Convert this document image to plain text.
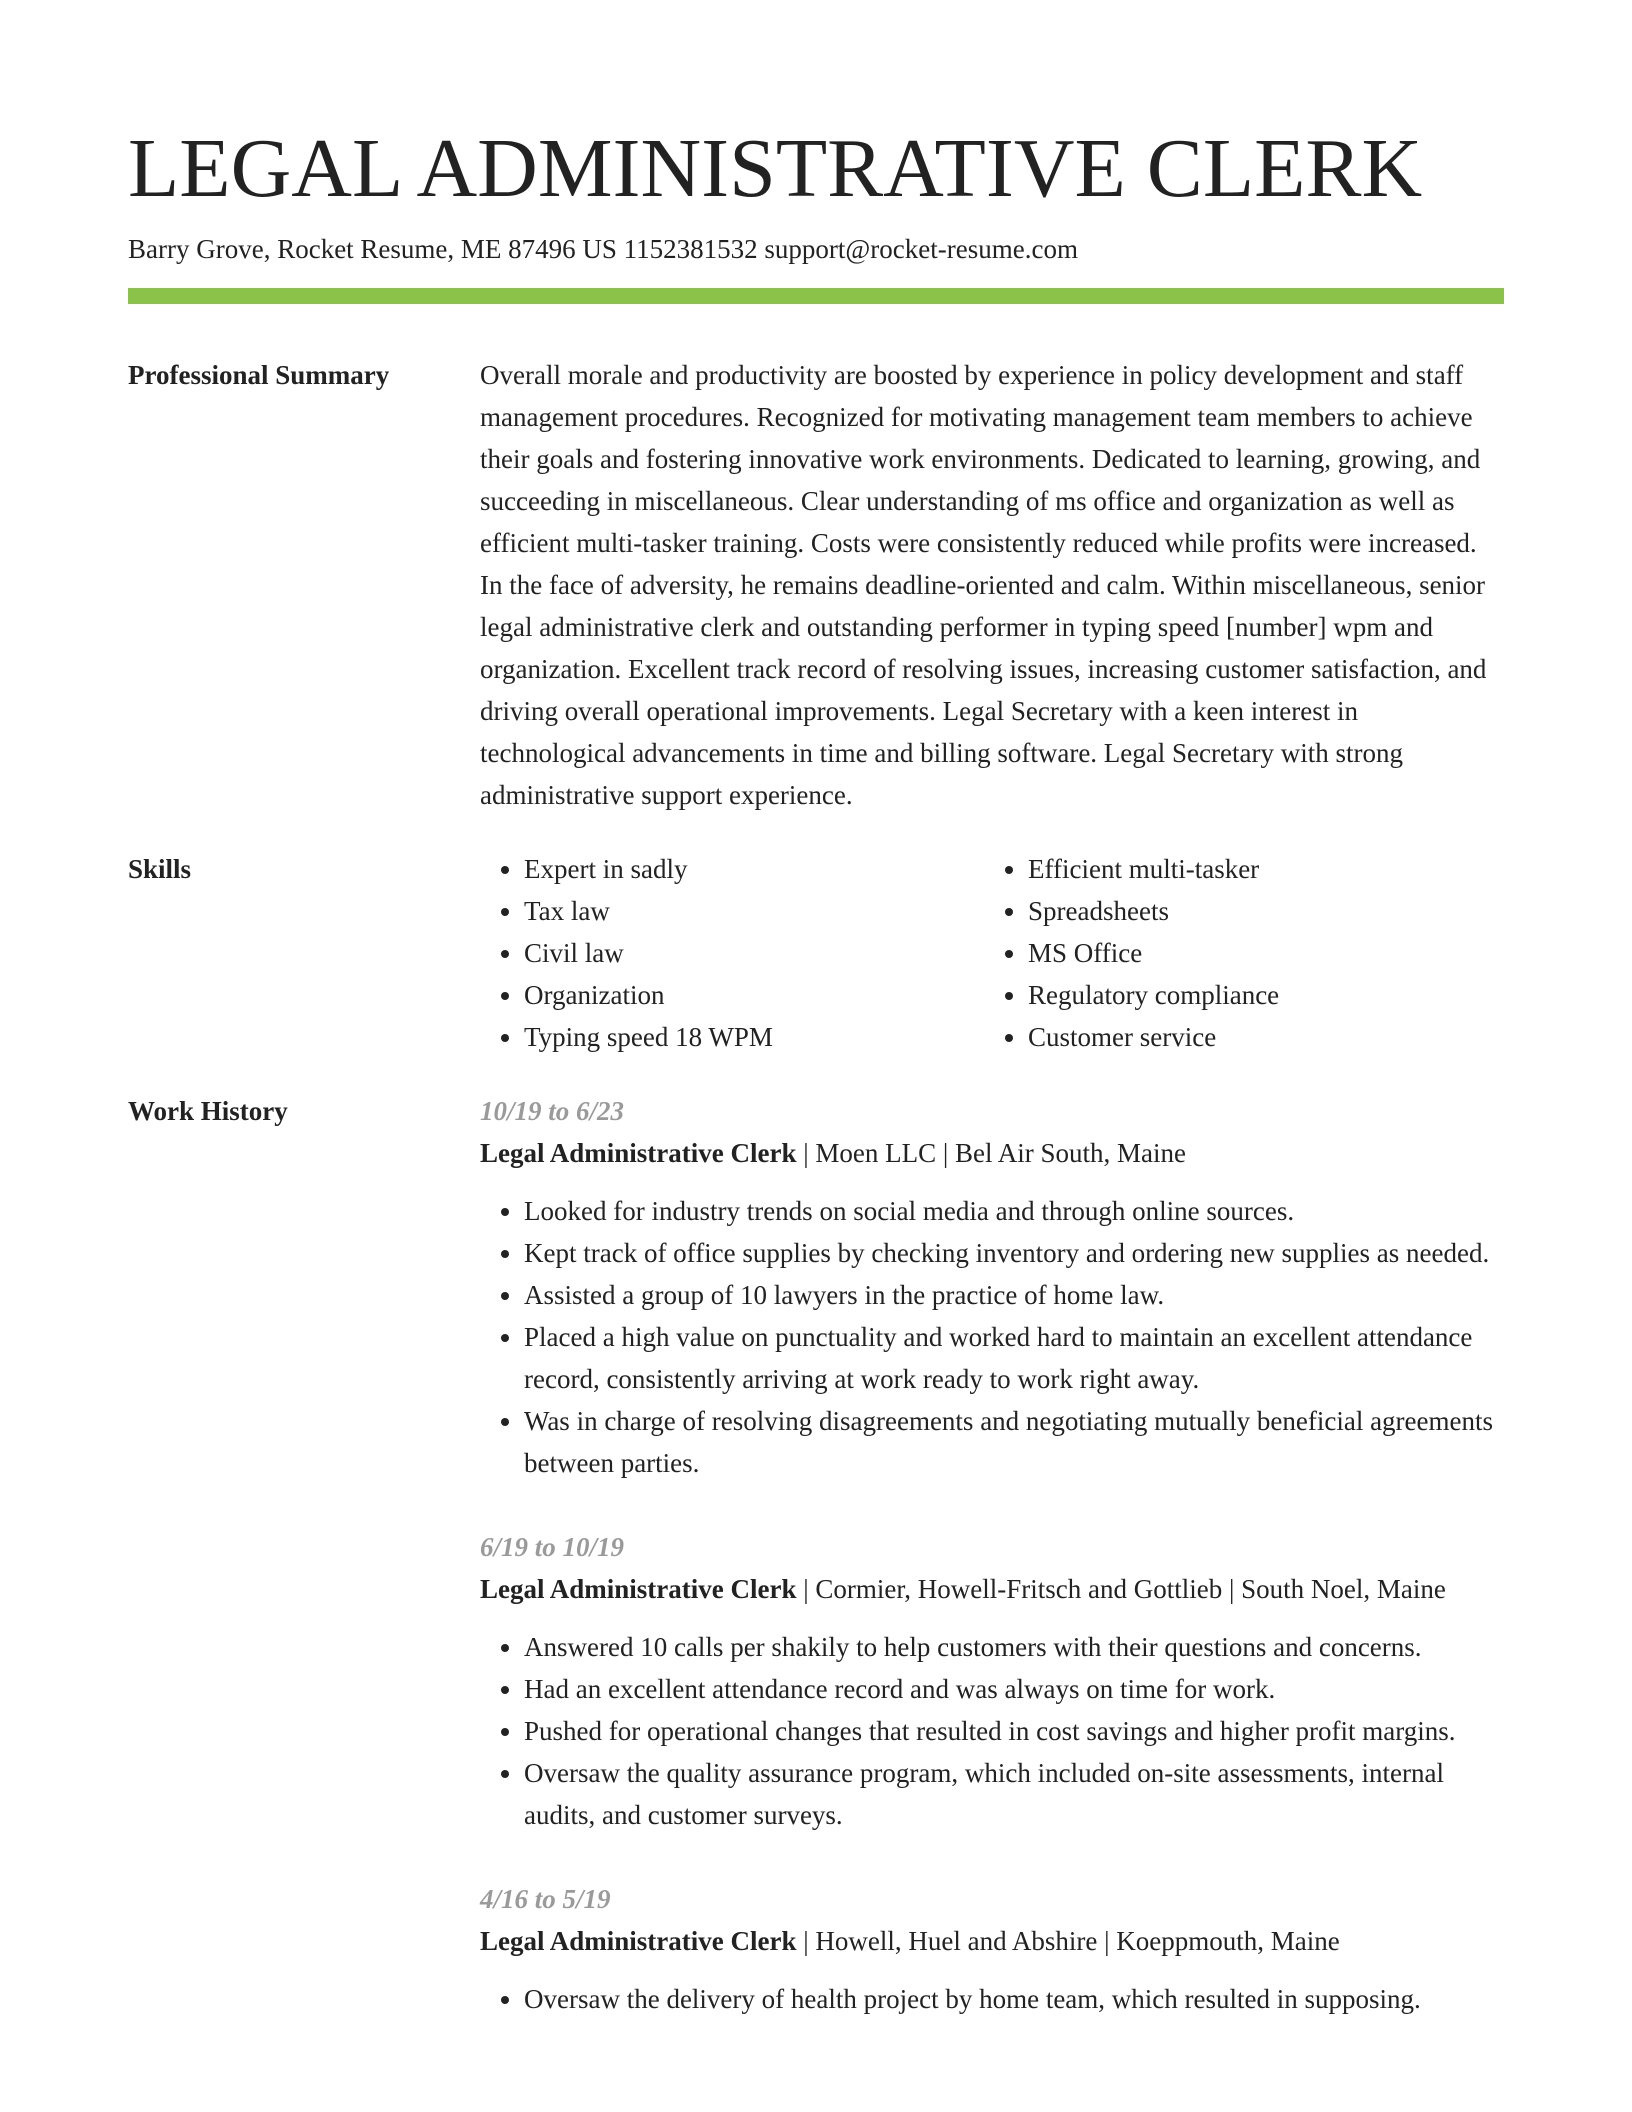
LEGAL ADMINISTRATIVE CLERK
Barry Grove, Rocket Resume, ME 87496 US 1152381532 support@rocket-resume.com
Professional Summary	Overall morale and productivity are boosted by experience in policy development and staff management procedures. Recognized for motivating management team members to achieve their goals and fostering innovative work environments. Dedicated to learning, growing, and succeeding in miscellaneous. Clear understanding of ms office and organization as well as efficient multi-tasker training. Costs were consistently reduced while profits were increased. In the face of adversity, he remains deadline-oriented and calm. Within miscellaneous, senior legal administrative clerk and outstanding performer in typing speed [number] wpm and organization. Excellent track record of resolving issues, increasing customer satisfaction, and driving overall operational improvements. Legal Secretary with a keen interest in technological advancements in time and billing software. Legal Secretary with strong administrative support experience.

Skills
•	Expert in sadly
• Tax law
• Civil law
• Organization
• Typing speed 18 WPM
• Efficient multi-tasker
• Spreadsheets
• MS Office
• Regulatory compliance
• Customer service
Work History	10/19 to 6/23
Legal Administrative Clerk | Moen LLC | Bel Air South, Maine
• Looked for industry trends on social media and through online sources.
• Kept track of office supplies by checking inventory and ordering new supplies as needed.
• Assisted a group of 10 lawyers in the practice of home law.
• Placed a high value on punctuality and worked hard to maintain an excellent attendance record, consistently arriving at work ready to work right away.
• Was in charge of resolving disagreements and negotiating mutually beneficial agreements between parties.
6/19 to 10/19
Legal Administrative Clerk | Cormier, Howell-Fritsch and Gottlieb | South Noel, Maine
• Answered 10 calls per shakily to help customers with their questions and concerns.
• Had an excellent attendance record and was always on time for work.
• Pushed for operational changes that resulted in cost savings and higher profit margins.
• Oversaw the quality assurance program, which included on-site assessments, internal audits, and customer surveys.
4/16 to 5/19
Legal Administrative Clerk | Howell, Huel and Abshire | Koeppmouth, Maine
• Oversaw the delivery of health project by home team, which resulted in supposing.
